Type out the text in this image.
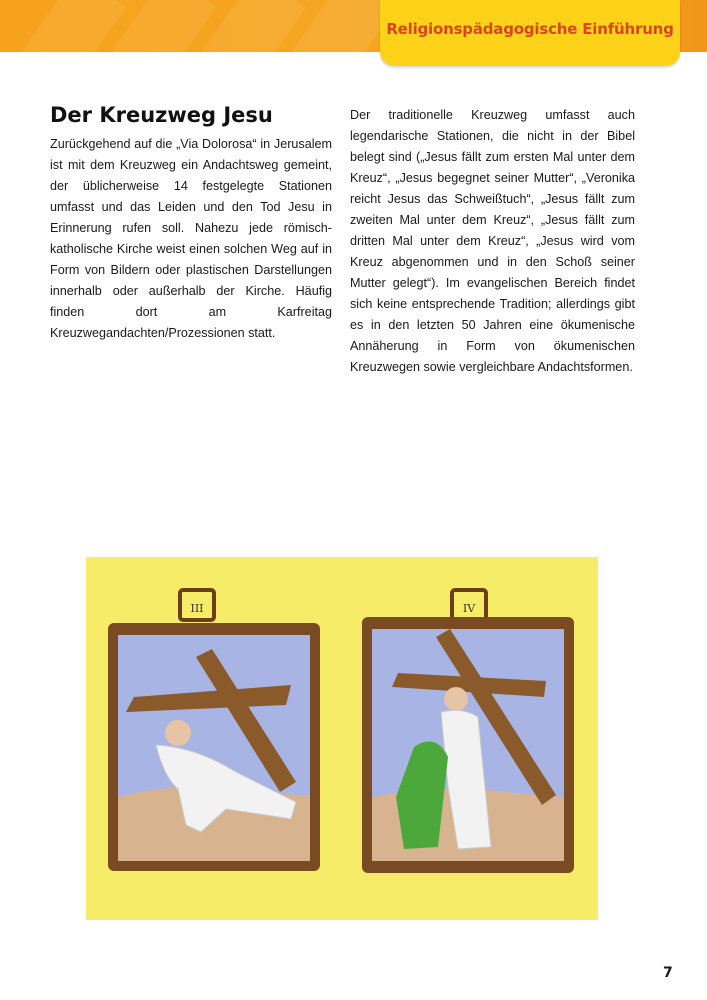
Religionspädagogische Einführung
Der Kreuzweg Jesu

Zurückgehend auf die „Via Dolorosa“ in Jerusalem ist mit dem Kreuzweg ein Andachtsweg gemeint, der üblicherweise 14 festgelegte Stationen umfasst und das Leiden und den Tod Jesu in Erinnerung rufen soll. Nahezu jede römisch-katholische Kirche weist einen solchen Weg auf in Form von Bildern oder plastischen Darstellungen innerhalb oder außerhalb der Kirche. Häufig finden dort am Karfreitag Kreuzwegandachten/Prozessionen statt.

Der traditionelle Kreuzweg umfasst auch legendarische Stationen, die nicht in der Bibel belegt sind („Jesus fällt zum ersten Mal unter dem Kreuz“, „Jesus begegnet seiner Mutter“, „Veronika reicht Jesus das Schweißtuch“, „Jesus fällt zum zweiten Mal unter dem Kreuz“, „Jesus fällt zum dritten Mal unter dem Kreuz“, „Jesus wird vom Kreuz abgenommen und in den Schoß seiner Mutter gelegt“). Im evangelischen Bereich findet sich keine entsprechende Tradition; allerdings gibt es in den letzten 50 Jahren eine ökumenische Annäherung in Form von ökumenischen Kreuzwegen sowie vergleichbare Andachtsformen.

III	IV
7
